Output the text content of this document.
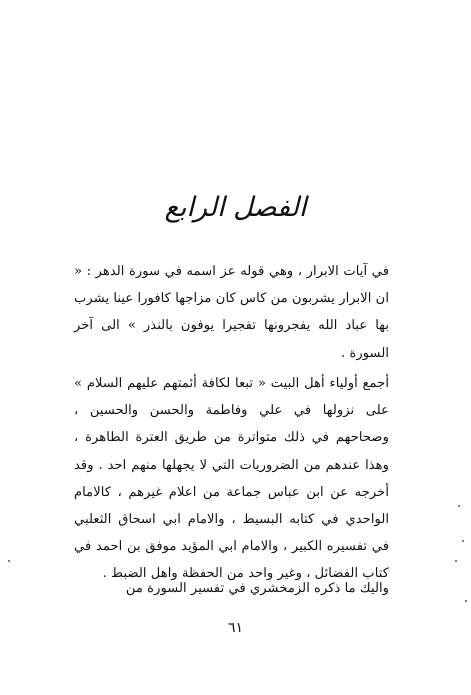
الفصل الرابع

في آيات الابرار ، وهي قوله عز اسمه في سورة الدهر : « ان الابرار يشربون من كاس كان مزاجها كافورا عينا يشرب بها عباد الله يفجرونها تفجيرا يوفون بالنذر » الى آخر السورة .

أجمع أولياء أهل البيت « تبعا لكافة أئمتهم عليهم السلام » على نزولها في علي وفاطمة والحسن والحسين ، وصحاحهم في ذلك متواترة من طريق العترة الطاهرة ، وهذا عندهم من الضروريات التي لا يجهلها منهم احد . وقد أخرجه عن ابن عباس جماعة من اعلام غيرهم ، كالامام الواحدي في كتابه البسيط ، والامام ابي اسحاق الثعلبي في تفسيره الكبير ، والامام ابي المؤيد موفق بن احمد في كتاب الفضائل ، وغير واحد من الحفظة واهل الضبط .

واليك ما ذكره الزمخشري في تفسير السورة من

٦١
